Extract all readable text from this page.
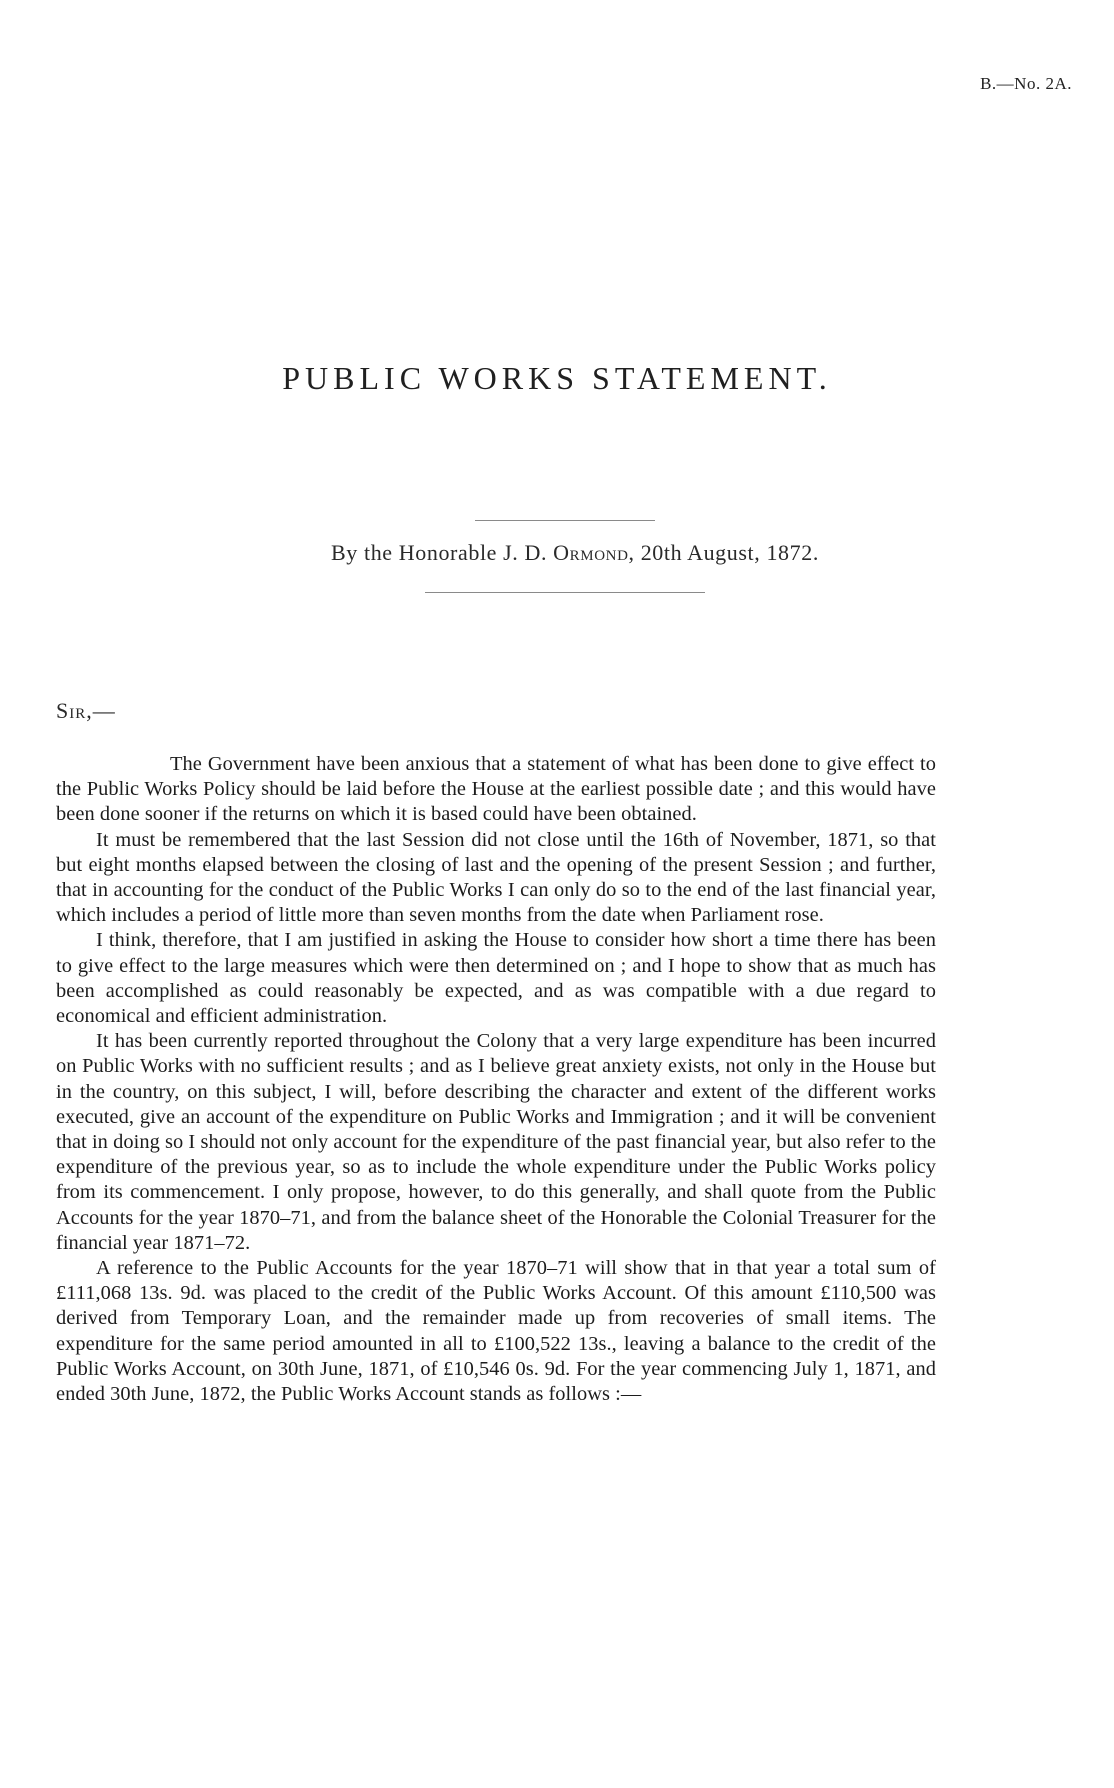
B.—No. 2A.
PUBLIC WORKS STATEMENT.
By the Honorable J. D. Ormond, 20th August, 1872.
Sir,—

The Government have been anxious that a statement of what has been done to give effect to the Public Works Policy should be laid before the House at the earliest possible date ; and this would have been done sooner if the returns on which it is based could have been obtained.

It must be remembered that the last Session did not close until the 16th of November, 1871, so that but eight months elapsed between the closing of last and the opening of the present Session ; and further, that in accounting for the conduct of the Public Works I can only do so to the end of the last financial year, which includes a period of little more than seven months from the date when Parliament rose.

I think, therefore, that I am justified in asking the House to consider how short a time there has been to give effect to the large measures which were then determined on ; and I hope to show that as much has been accomplished as could reasonably be expected, and as was compatible with a due regard to economical and efficient administration.

It has been currently reported throughout the Colony that a very large expenditure has been incurred on Public Works with no sufficient results ; and as I believe great anxiety exists, not only in the House but in the country, on this subject, I will, before describing the character and extent of the different works executed, give an account of the expenditure on Public Works and Immigration ; and it will be convenient that in doing so I should not only account for the expenditure of the past financial year, but also refer to the expenditure of the previous year, so as to include the whole expenditure under the Public Works policy from its commencement. I only propose, however, to do this generally, and shall quote from the Public Accounts for the year 1870–71, and from the balance sheet of the Honorable the Colonial Treasurer for the financial year 1871–72.

A reference to the Public Accounts for the year 1870–71 will show that in that year a total sum of £111,068 13s. 9d. was placed to the credit of the Public Works Account. Of this amount £110,500 was derived from Temporary Loan, and the remainder made up from recoveries of small items. The expenditure for the same period amounted in all to £100,522 13s., leaving a balance to the credit of the Public Works Account, on 30th June, 1871, of £10,546 0s. 9d. For the year commencing July 1, 1871, and ended 30th June, 1872, the Public Works Account stands as follows :—
